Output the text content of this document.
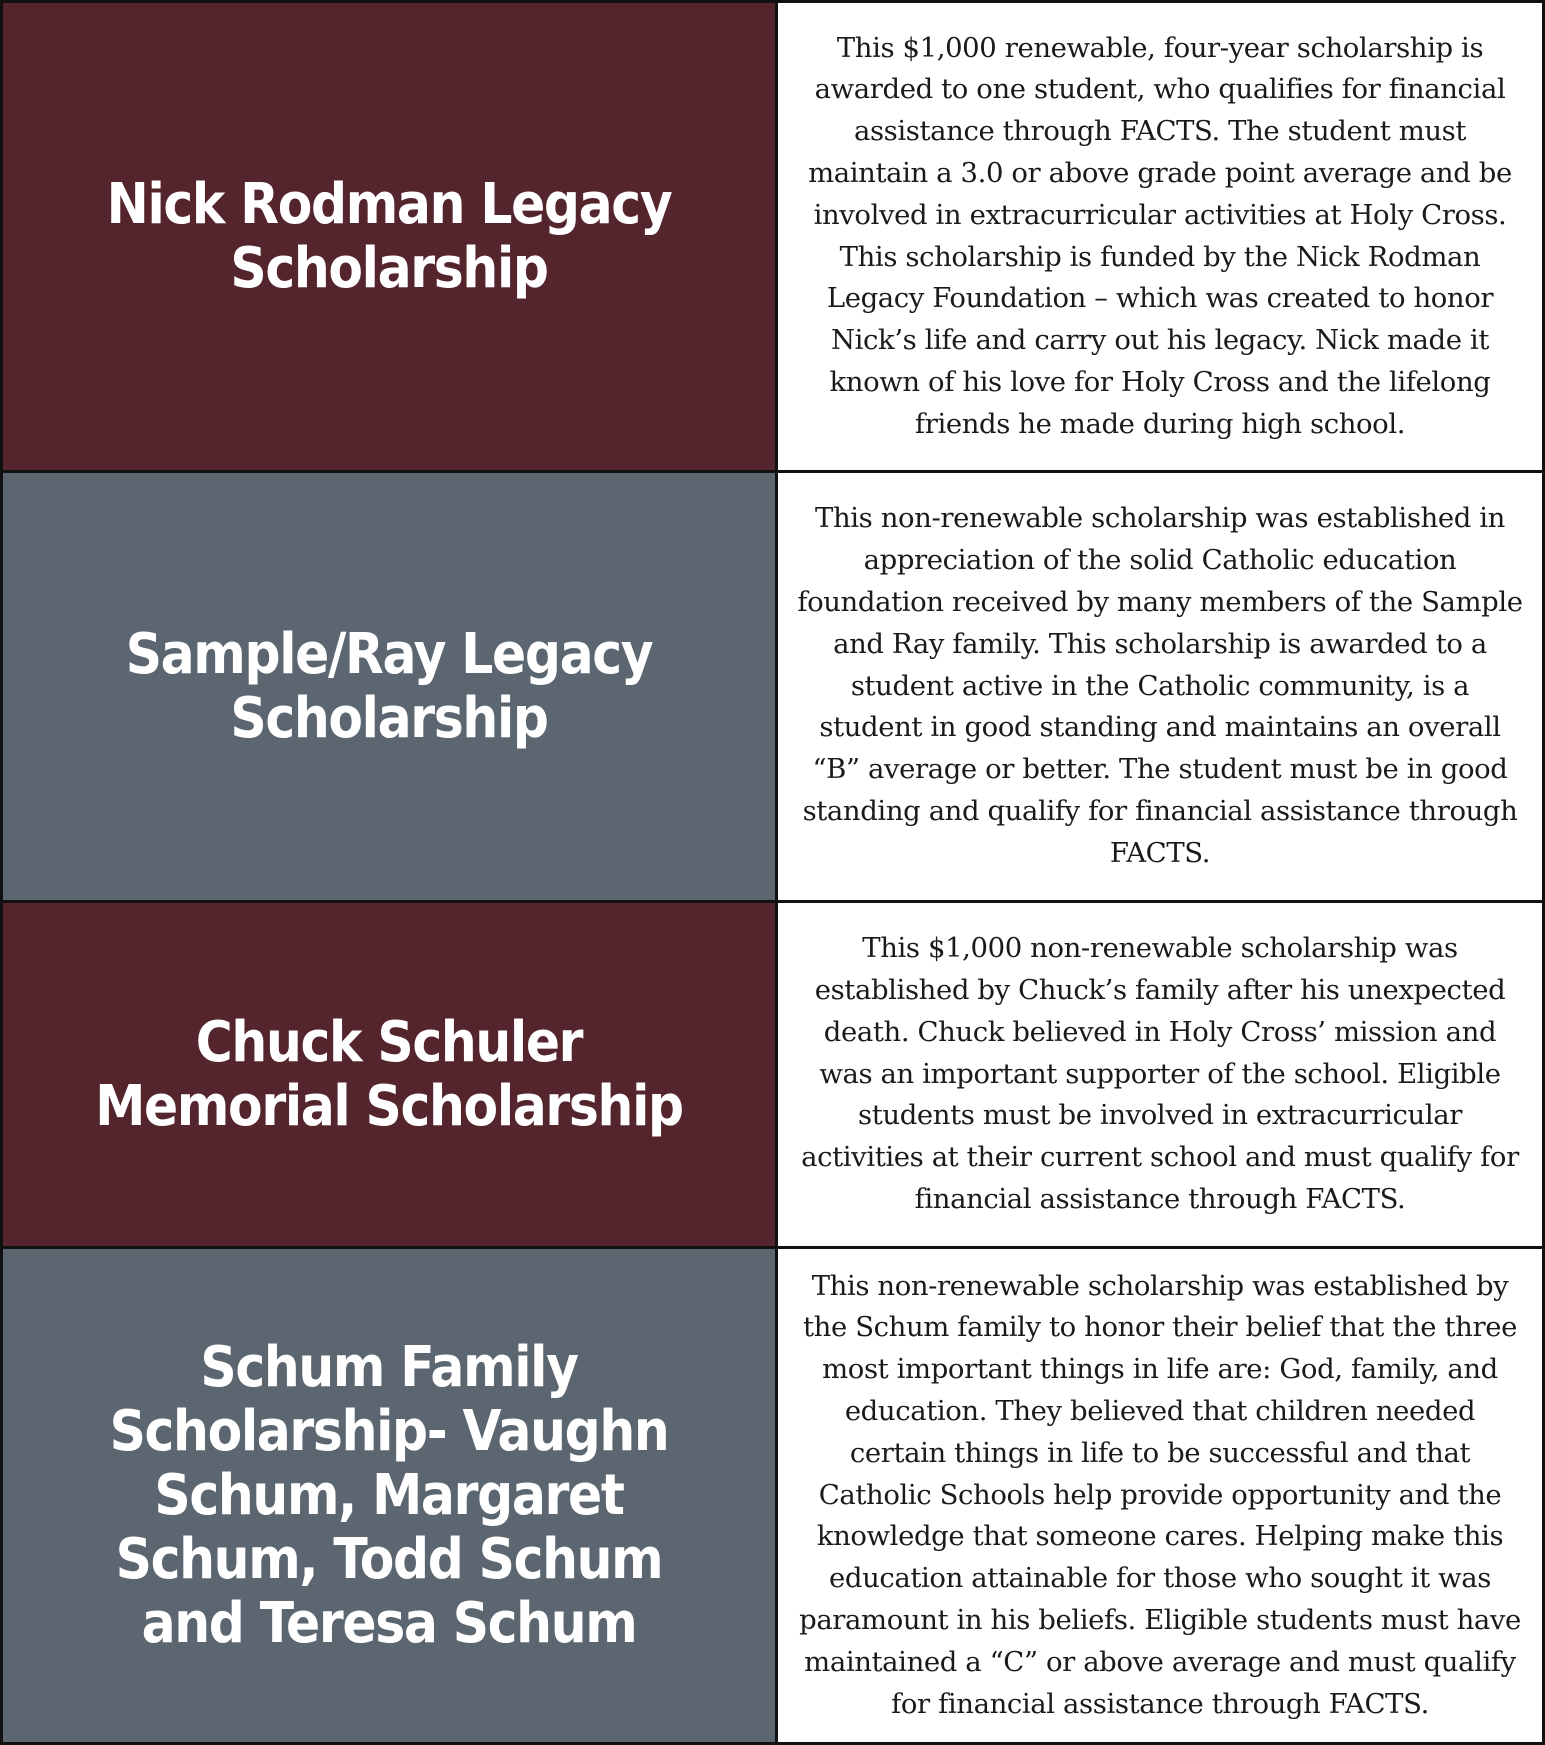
Nick Rodman Legacy Scholarship
This $1,000 renewable, four-year scholarship is awarded to one student, who qualifies for financial assistance through FACTS. The student must maintain a 3.0 or above grade point average and be involved in extracurricular activities at Holy Cross. This scholarship is funded by the Nick Rodman Legacy Foundation – which was created to honor Nick’s life and carry out his legacy. Nick made it known of his love for Holy Cross and the lifelong friends he made during high school.
Sample/Ray Legacy Scholarship
This non-renewable scholarship was established in appreciation of the solid Catholic education foundation received by many members of the Sample and Ray family. This scholarship is awarded to a student active in the Catholic community, is a student in good standing and maintains an overall “B” average or better. The student must be in good standing and qualify for financial assistance through FACTS.
Chuck Schuler Memorial Scholarship
This $1,000 non-renewable scholarship was established by Chuck’s family after his unexpected death. Chuck believed in Holy Cross’ mission and was an important supporter of the school. Eligible students must be involved in extracurricular activities at their current school and must qualify for financial assistance through FACTS.
Schum Family Scholarship- Vaughn Schum, Margaret Schum, Todd Schum and Teresa Schum
This non-renewable scholarship was established by the Schum family to honor their belief that the three most important things in life are: God, family, and education. They believed that children needed certain things in life to be successful and that Catholic Schools help provide opportunity and the knowledge that someone cares. Helping make this education attainable for those who sought it was paramount in his beliefs. Eligible students must have maintained a “C” or above average and must qualify for financial assistance through FACTS.
